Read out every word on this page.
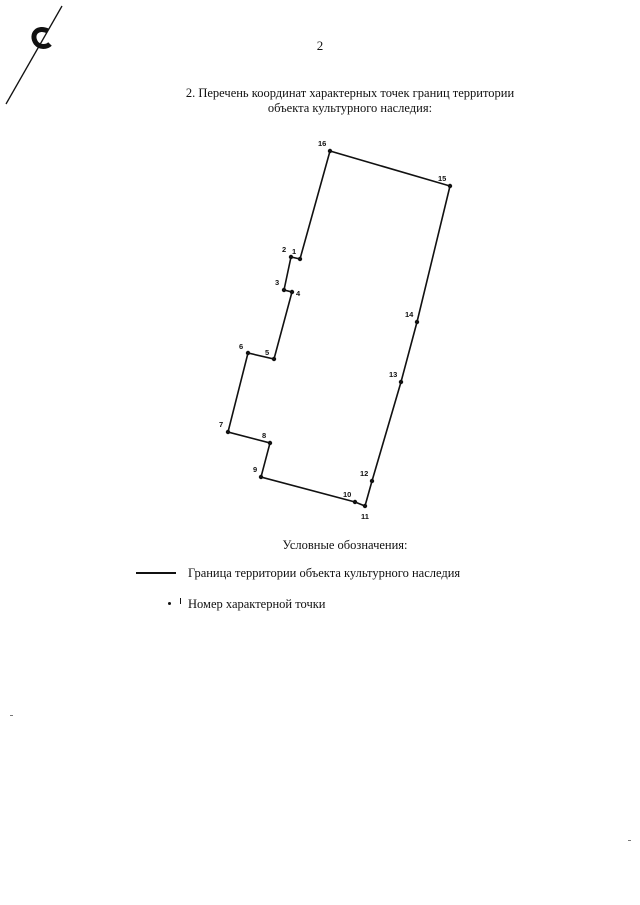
2
2. Перечень координат характерных точек границ территории
объекта культурного наследия:
1
2
3
4
5
6
7
8
9
10
11
12
13
14
15
16
Условные обозначения:
Граница территории объекта культурного наследия
Номер характерной точки
